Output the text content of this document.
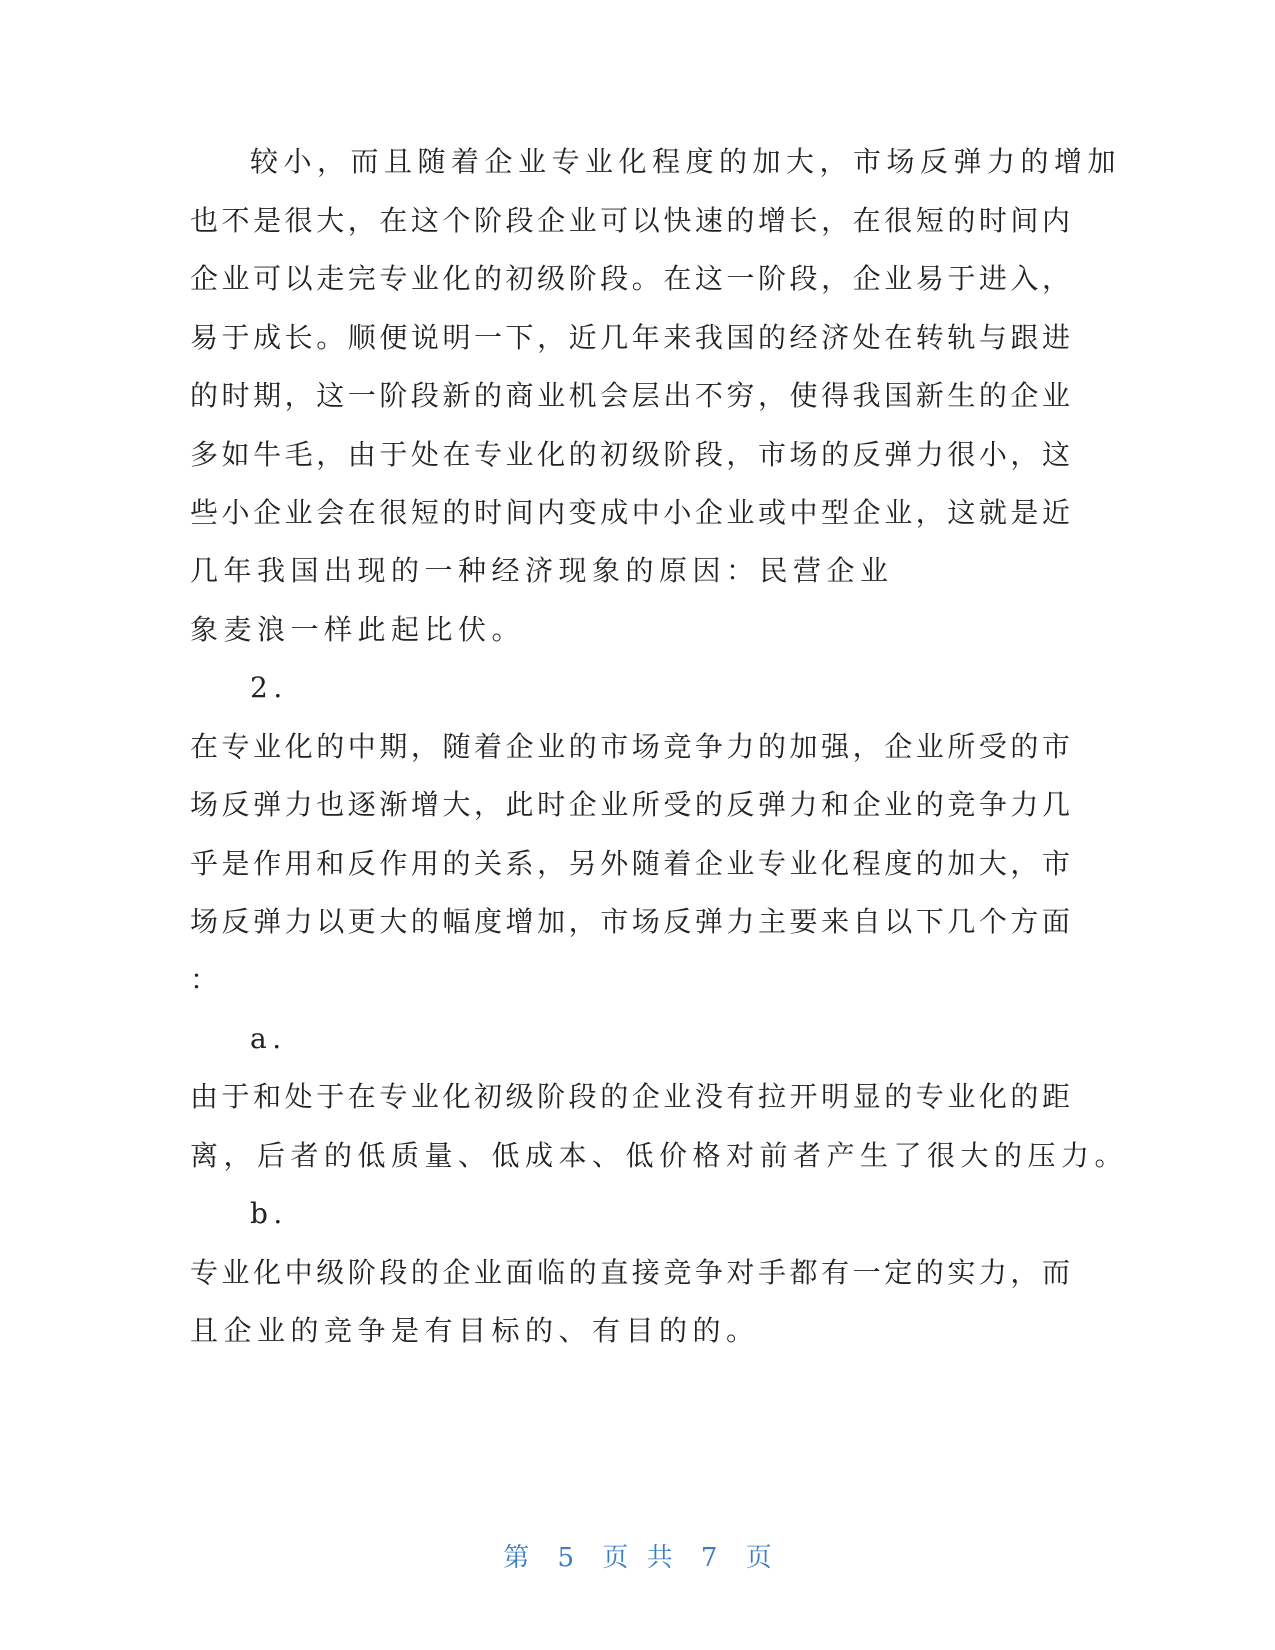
较小，而且随着企业专业化程度的加大，市场反弹力的增加
也不是很大，在这个阶段企业可以快速的增长，在很短的时间内
企业可以走完专业化的初级阶段。在这一阶段，企业易于进入，
易于成长。顺便说明一下，近几年来我国的经济处在转轨与跟进
的时期，这一阶段新的商业机会层出不穷，使得我国新生的企业
多如牛毛，由于处在专业化的初级阶段，市场的反弹力很小，这
些小企业会在很短的时间内变成中小企业或中型企业，这就是近
几年我国出现的一种经济现象的原因：民营企业
象麦浪一样此起比伏。
2.
在专业化的中期，随着企业的市场竞争力的加强，企业所受的市
场反弹力也逐渐增大，此时企业所受的反弹力和企业的竞争力几
乎是作用和反作用的关系，另外随着企业专业化程度的加大，市
场反弹力以更大的幅度增加，市场反弹力主要来自以下几个方面
：
a.
由于和处于在专业化初级阶段的企业没有拉开明显的专业化的距
离，后者的低质量、低成本、低价格对前者产生了很大的压力。
b.
专业化中级阶段的企业面临的直接竞争对手都有一定的实力，而
且企业的竞争是有目标的、有目的的。
第 5 页 共 7 页
